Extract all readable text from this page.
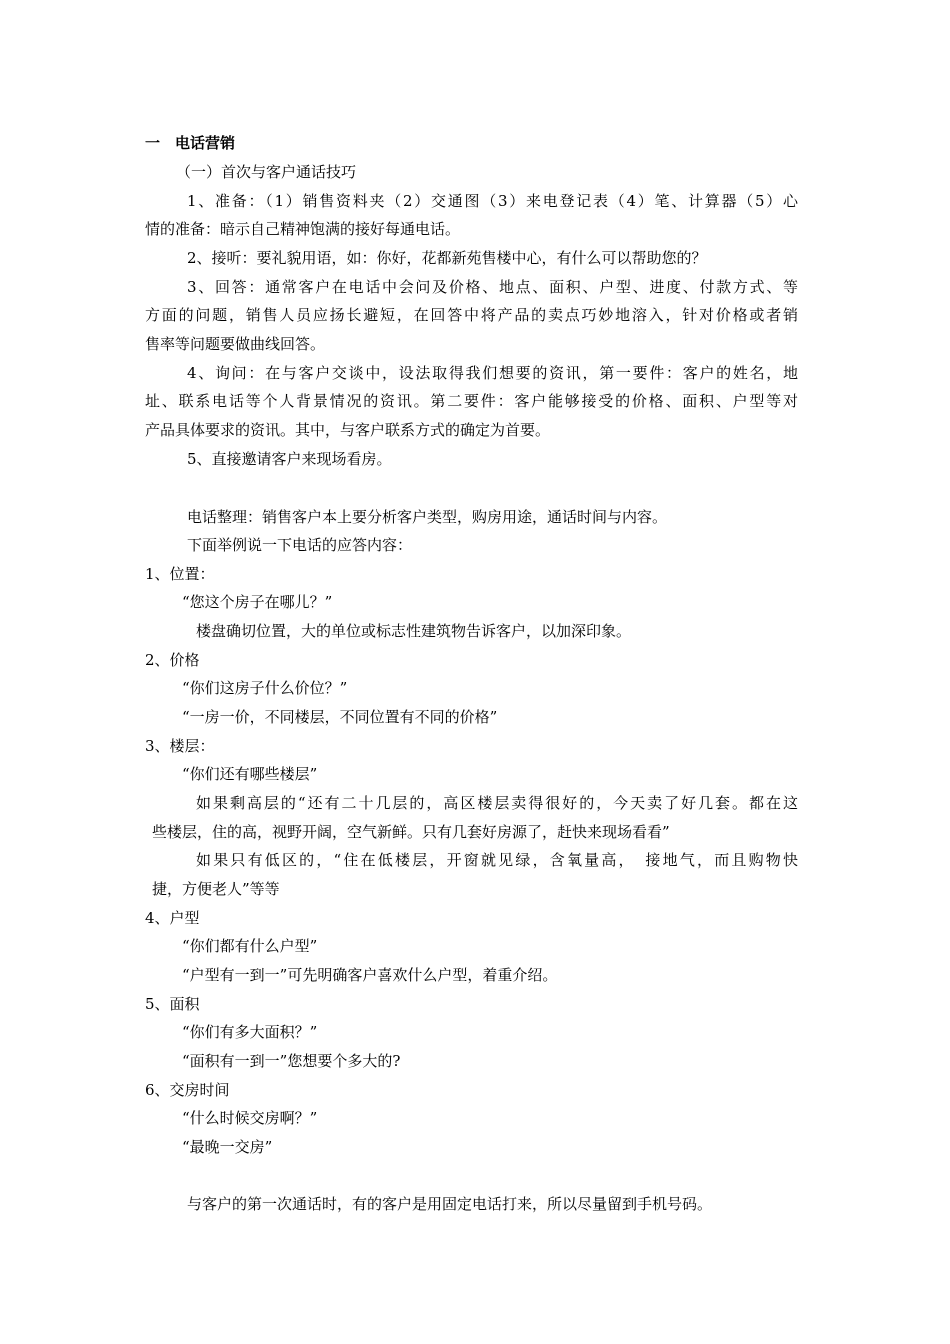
一　电话营销
（一）首次与客户通话技巧
1、准备：（1）销售资料夹（2）交通图（3）来电登记表（4）笔、计算器（5）心
情的准备：暗示自己精神饱满的接好每通电话。
2、接听：要礼貌用语，如：你好，花都新苑售楼中心，有什么可以帮助您的？
3、回答：通常客户在电话中会问及价格、地点、面积、户型、进度、付款方式、等
方面的问题，销售人员应扬长避短，在回答中将产品的卖点巧妙地溶入，针对价格或者销
售率等问题要做曲线回答。
4、询问：在与客户交谈中，设法取得我们想要的资讯，第一要件：客户的姓名，地
址、联系电话等个人背景情况的资讯。第二要件：客户能够接受的价格、面积、户型等对
产品具体要求的资讯。其中，与客户联系方式的确定为首要。
5、直接邀请客户来现场看房。
电话整理：销售客户本上要分析客户类型，购房用途，通话时间与内容。
下面举例说一下电话的应答内容：
1、位置：
“您这个房子在哪儿？”
楼盘确切位置，大的单位或标志性建筑物告诉客户，以加深印象。
2、价格
“你们这房子什么价位？”
“一房一价，不同楼层，不同位置有不同的价格”
3、楼层：
“你们还有哪些楼层”
如果剩高层的“还有二十几层的，高区楼层卖得很好的，今天卖了好几套。都在这
些楼层，住的高，视野开阔，空气新鲜。只有几套好房源了，赶快来现场看看”
如果只有低区的，“住在低楼层，开窗就见绿，含氧量高，　接地气，而且购物快
捷，方便老人”等等
4、户型
“你们都有什么户型”
“户型有一到一”可先明确客户喜欢什么户型，着重介绍。
5、面积
“你们有多大面积？”
“面积有一到一”您想要个多大的?
6、交房时间
“什么时候交房啊？”
“最晚一交房”
与客户的第一次通话时，有的客户是用固定电话打来，所以尽量留到手机号码。
